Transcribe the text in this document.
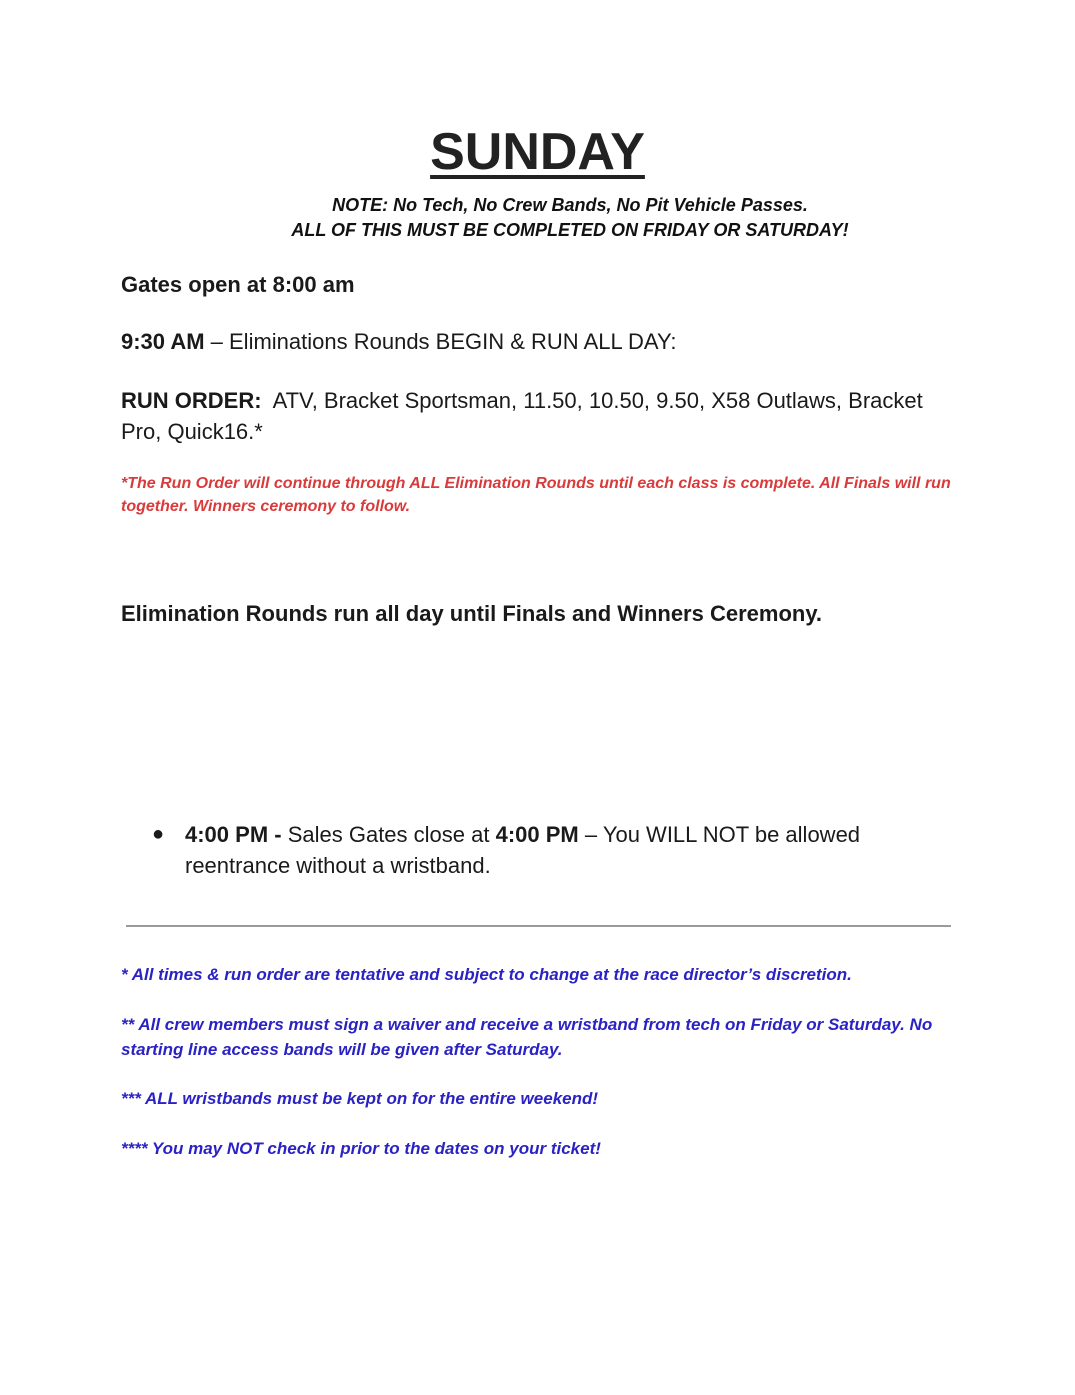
SUNDAY
NOTE: No Tech, No Crew Bands, No Pit Vehicle Passes.
ALL OF THIS MUST BE COMPLETED ON FRIDAY OR SATURDAY!
Gates open at 8:00 am
9:30 AM – Eliminations Rounds BEGIN & RUN ALL DAY:
RUN ORDER:  ATV, Bracket Sportsman, 11.50, 10.50, 9.50, X58 Outlaws, Bracket Pro, Quick16.*
*The Run Order will continue through ALL Elimination Rounds until each class is complete. All Finals will run together. Winners ceremony to follow.
Elimination Rounds run all day until Finals and Winners Ceremony.
● 4:00 PM - Sales Gates close at 4:00 PM – You WILL NOT be allowed reentrance without a wristband.
* All times & run order are tentative and subject to change at the race director’s discretion.
** All crew members must sign a waiver and receive a wristband from tech on Friday or Saturday. No starting line access bands will be given after Saturday.
*** ALL wristbands must be kept on for the entire weekend!
**** You may NOT check in prior to the dates on your ticket!
